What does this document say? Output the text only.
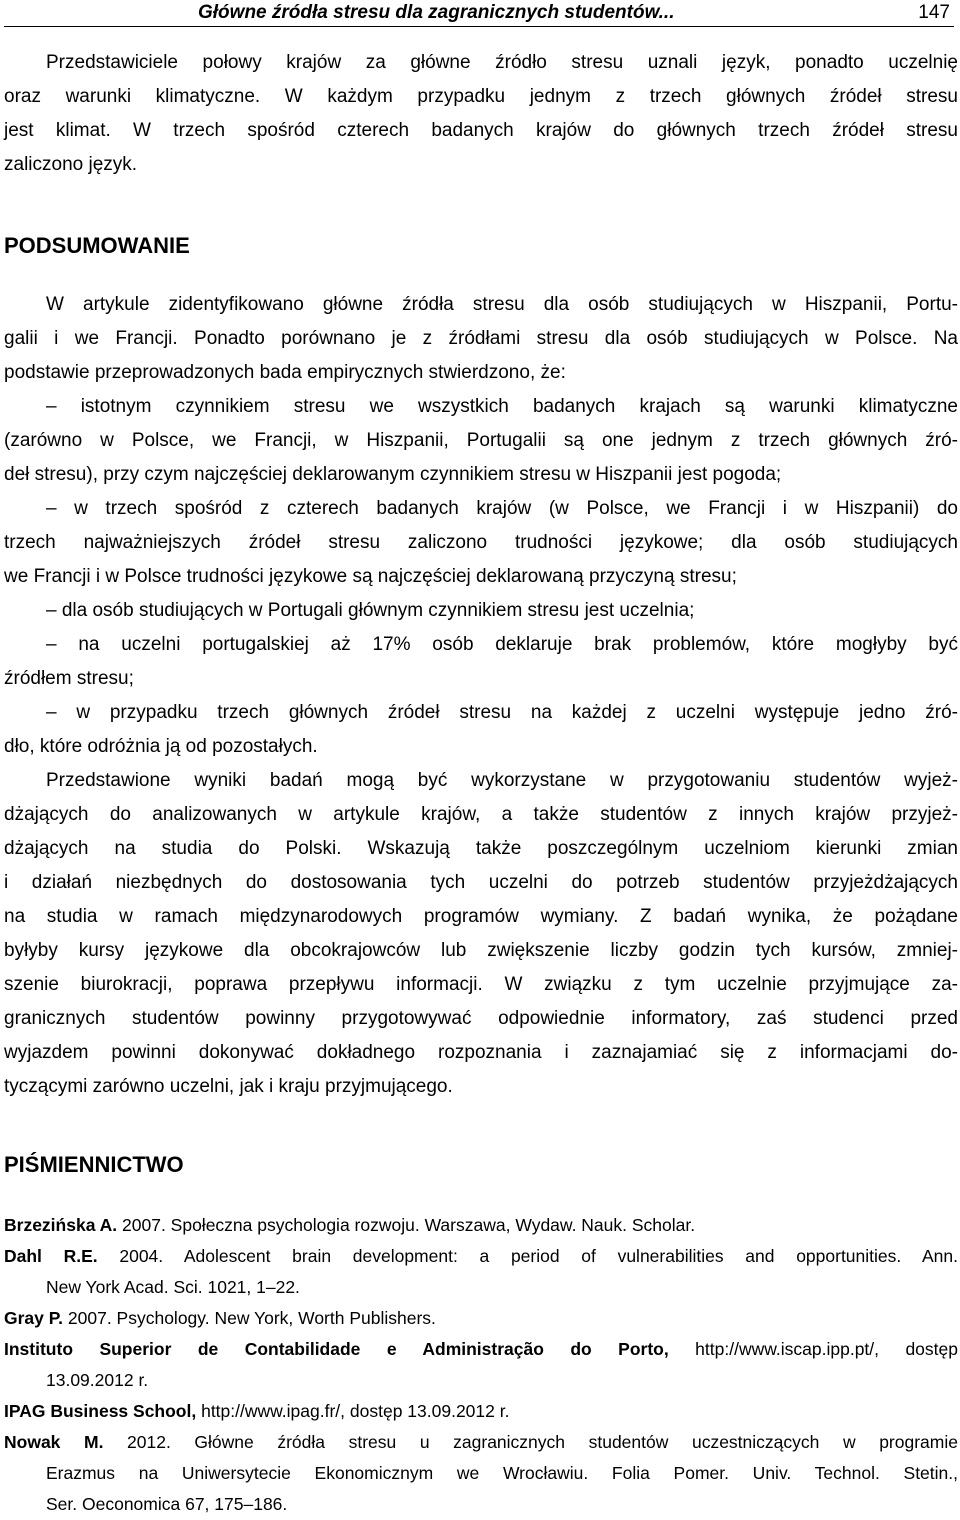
Główne źródła stresu dla zagranicznych studentów...	147
Przedstawiciele połowy krajów za główne źródło stresu uznali język, ponadto uczelnię
oraz warunki klimatyczne. W każdym przypadku jednym z trzech głównych źródeł stresu
jest klimat. W trzech spośród czterech badanych krajów do głównych trzech źródeł stresu
zaliczono język.
PODSUMOWANIE
W artykule zidentyfikowano główne źródła stresu dla osób studiujących w Hiszpanii, Portu-
galii i we Francji. Ponadto porównano je z źródłami stresu dla osób studiujących w Polsce. Na
podstawie przeprowadzonych bada empirycznych stwierdzono, że:
– istotnym czynnikiem stresu we wszystkich badanych krajach są warunki klimatyczne
(zarówno w Polsce, we Francji, w Hiszpanii, Portugalii są one jednym z trzech głównych źró-
deł stresu), przy czym najczęściej deklarowanym czynnikiem stresu w Hiszpanii jest pogoda;
– w trzech spośród z czterech badanych krajów (w Polsce, we Francji i w Hiszpanii) do
trzech najważniejszych źródeł stresu zaliczono trudności językowe; dla osób studiujących
we Francji i w Polsce trudności językowe są najczęściej deklarowaną przyczyną stresu;
– dla osób studiujących w Portugali głównym czynnikiem stresu jest uczelnia;
– na uczelni portugalskiej aż 17% osób deklaruje brak problemów, które mogłyby być
źródłem stresu;
– w przypadku trzech głównych źródeł stresu na każdej z uczelni występuje jedno źró-
dło, które odróżnia ją od pozostałych.
Przedstawione wyniki badań mogą być wykorzystane w przygotowaniu studentów wyjeż-
dżających do analizowanych w artykule krajów, a także studentów z innych krajów przyjeż-
dżających na studia do Polski. Wskazują także poszczególnym uczelniom kierunki zmian
i działań niezbędnych do dostosowania tych uczelni do potrzeb studentów przyjeżdżających
na studia w ramach międzynarodowych programów wymiany. Z badań wynika, że pożądane
byłyby kursy językowe dla obcokrajowców lub zwiększenie liczby godzin tych kursów, zmniej-
szenie biurokracji, poprawa przepływu informacji. W związku z tym uczelnie przyjmujące za-
granicznych studentów powinny przygotowywać odpowiednie informatory, zaś studenci przed
wyjazdem powinni dokonywać dokładnego rozpoznania i zaznajamiać się z informacjami do-
tyczącymi zarówno uczelni, jak i kraju przyjmującego.
PIŚMIENNICTWO
Brzezińska A. 2007. Społeczna psychologia rozwoju. Warszawa, Wydaw. Nauk. Scholar.
Dahl R.E. 2004. Adolescent brain development: a period of vulnerabilities and opportunities. Ann.
New York Acad. Sci. 1021, 1–22.
Gray P. 2007. Psychology. New York, Worth Publishers.
Instituto Superior de Contabilidade e Administração do Porto, http://www.iscap.ipp.pt/, dostęp
13.09.2012 r.
IPAG Business School, http://www.ipag.fr/, dostęp 13.09.2012 r.
Nowak M. 2012. Główne źródła stresu u zagranicznych studentów uczestniczących w programie
Erazmus na Uniwersytecie Ekonomicznym we Wrocławiu. Folia Pomer. Univ. Technol. Stetin.,
Ser. Oeconomica 67, 175–186.
